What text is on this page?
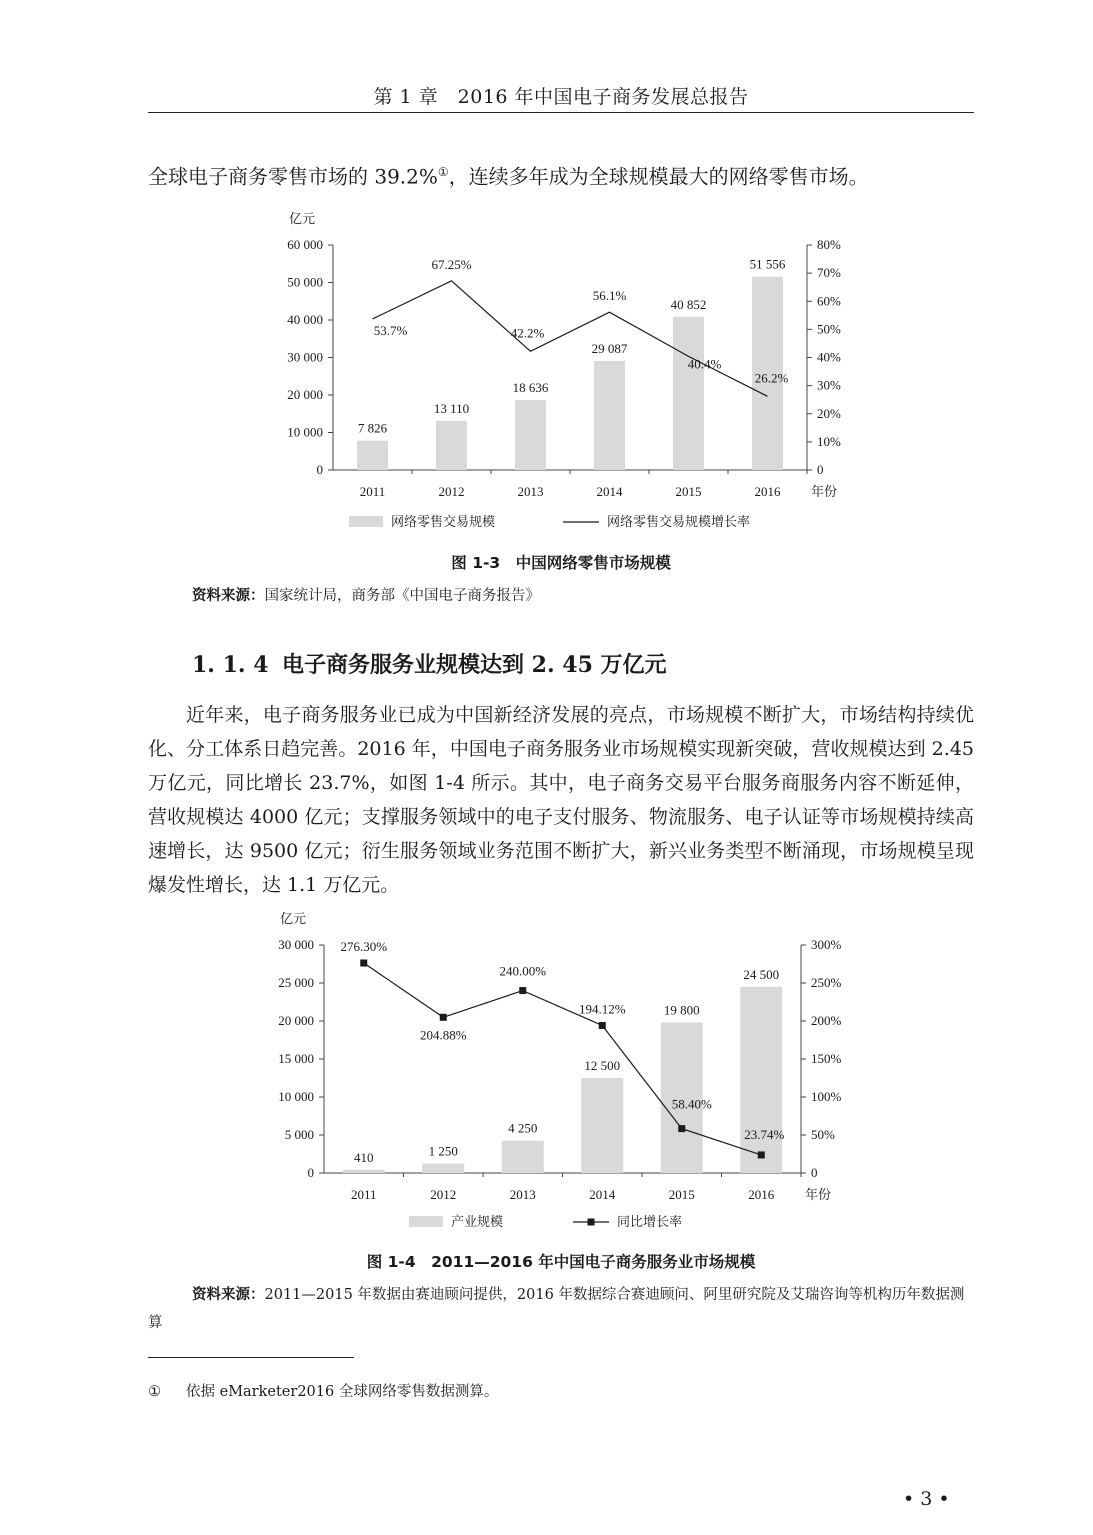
第 1 章　2016 年中国电子商务发展总报告
全球电子商务零售市场的 39.2%①，连续多年成为全球规模最大的网络零售市场。
亿元
0
10 000
20 000
30 000
40 000
50 000
60 000
0
10%
20%
30%
40%
50%
60%
70%
80%
7 826
13 110
18 636
29 087
40 852
51 556
2011	2012	2013	2014	2015	2016 年份
53.7%
67.25%
42.2%
56.1%
40.4%
26.2%
网络零售交易规模	网络零售交易规模增长率
图 1-3　中国网络零售市场规模
资料来源：国家统计局，商务部《中国电子商务报告》
1. 1. 4 电子商务服务业规模达到 2. 45 万亿元
近年来，电子商务服务业已成为中国新经济发展的亮点，市场规模不断扩大，市场结构持续优化、分工体系日趋完善。2016 年，中国电子商务服务业市场规模实现新突破，营收规模达到 2.45 万亿元，同比增长 23.7%，如图 1-4 所示。其中，电子商务交易平台服务商服务内容不断延伸，营收规模达 4000 亿元；支撑服务领域中的电子支付服务、物流服务、电子认证等市场规模持续高速增长，达 9500 亿元；衍生服务领域业务范围不断扩大，新兴业务类型不断涌现，市场规模呈现爆发性增长，达 1.1 万亿元。
亿元
0
5 000
10 000
15 000
20 000
25 000
30 000
0
50%
100%
150%
200%
250%
300%
410	1 250
4 250
12 500
19 800
24 500
2011	2012	2013	2014	2015	2016 年份
276.30%
204.88%
240.00%
194.12%
58.40%
23.74%
产业规模	同比增长率
图 1-4　2011—2016 年中国电子商务服务业市场规模
资料来源：2011—2015 年数据由赛迪顾问提供，2016 年数据综合赛迪顾问、阿里研究院及艾瑞咨询等机构历年数据测算
① 依据 eMarketer2016 全球网络零售数据测算。
• 3 •
